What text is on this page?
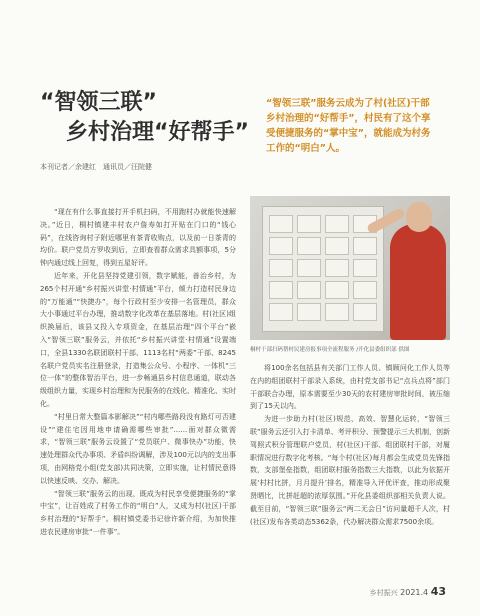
“智领三联”
乡村治理“好帮手”
“智领三联”服务云成为了村(社区)干部乡村治理的“好帮手”，村民有了这个享受便捷服务的“掌中宝”，就能成为村务工作的“明白”人。
本刊记者／余建红　通讯员／汪院健

“现在有什么事直接打开手机扫码，不用跑村办就能快速解决。”近日，桐村镇建丰村农户詹寿如打开贴在门口的“钱心码”，在线咨询村子附近哪里有茶青收购点，以及前一日茶青的均价。联户党员方罗收到后，立即查看群众需求具额事项，5分钟内通过线上回复，得到五星好评。

近年来，开化县坚持党建引领，数字赋能，善治乡村，为265个村开通“乡村振兴讲堂·村情通”平台，倾力打造村民身边的“万能通”“快捷办”，每个行政村至少安排一名管理员，群众大小事通过平台办理，推动数字化改革在基层落地。村(社区)组织换届后，该县又投入专项资金，在基层治理“四个平台”嵌入“智领三联”服务云，并依托“乡村振兴讲堂·村情通”设置端口，全县1330名联团联村干部、1113名村“两委”干部、8245名联户党员实名注册登录，打造集公众号、小程序、一体机“三位一体”的整体智治平台，进一步畅通县乡村信息通道，联动各级组织力量，实现乡村治理和为民服务的在线化、精准化、实时化。

“村里日常大整篇本影解决”“村内哪些路段没有路灯可否建设”“建住宅因用地申请确需哪些审批”……面对群众微需求，“智领三联”服务云设置了“党员联户、微事快办”功能，快速处理群众代办事项、矛盾纠纷调解，涉及100元以内的支出事项，由网格党小组(党支部)共同决策，立即实施，让村情民意得以快速反映、交办、解决。

“智领三联”服务云的出现，既成为村民享受便捷服务的“掌中宝”，让百姓成了村务工作的“明白”人，又成为村(社区)干部乡村治理的“好帮手”。桐村镇党委书记徐许新介绍，为加快推进农民建房审批“一件事”。

桐村干部扫码帮村民建房报事项全流程服务 /开化县委组织部 供图

将100余名包括县有关部门工作人员、镇顾问化工作人员等在内的组团联村干部录入系统，由村党支部书记“点兵点将”部门干部联合办理，原本需要至少30天的农村建房审批时间，被压缩到了15天以内。

为进一步助力村(社区)规范、高效、智慧化运转，“智领三联”服务云还引入打卡清单、考评积分、预警提示三大机制，创新驾照式积分管理联户党员、村(社区)干部、组团联村干部，对履职情况进行数字化考核。“每个村(社区)每月都会生成党员先锋指数，支部堡垒指数，组团联村服务指数三大指数，以此为依据开展‘村村比拼，月月提升’排名，精准导入评优评查，推动形成聚贤晒比，比拼赶超的浓厚氛围。”开化县委组织部相关负责人说。截至目前，“智领三联”服务云“两二无会日”访问量超千人次，村(社区)发布各类动态5362条，代办解决群众需求7500余项。

乡村振兴 2021.4 43
